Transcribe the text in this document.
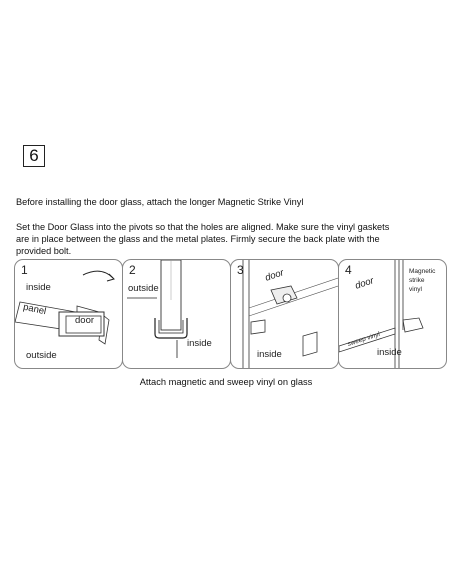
6
Before installing the door glass, attach the longer Magnetic Strike Vinyl
Set the Door Glass into the pivots so that the holes are aligned. Make sure the vinyl gaskets
are in place between the glass and the metal plates. Firmly secure the back plate with the
provided bolt.
1
inside
panel
door
outside
2
outside
inside
3 door
inside
4	Magnetic
strike
vinyl
door
sweep vinyl
inside
Attach magnetic and sweep vinyl on glass
